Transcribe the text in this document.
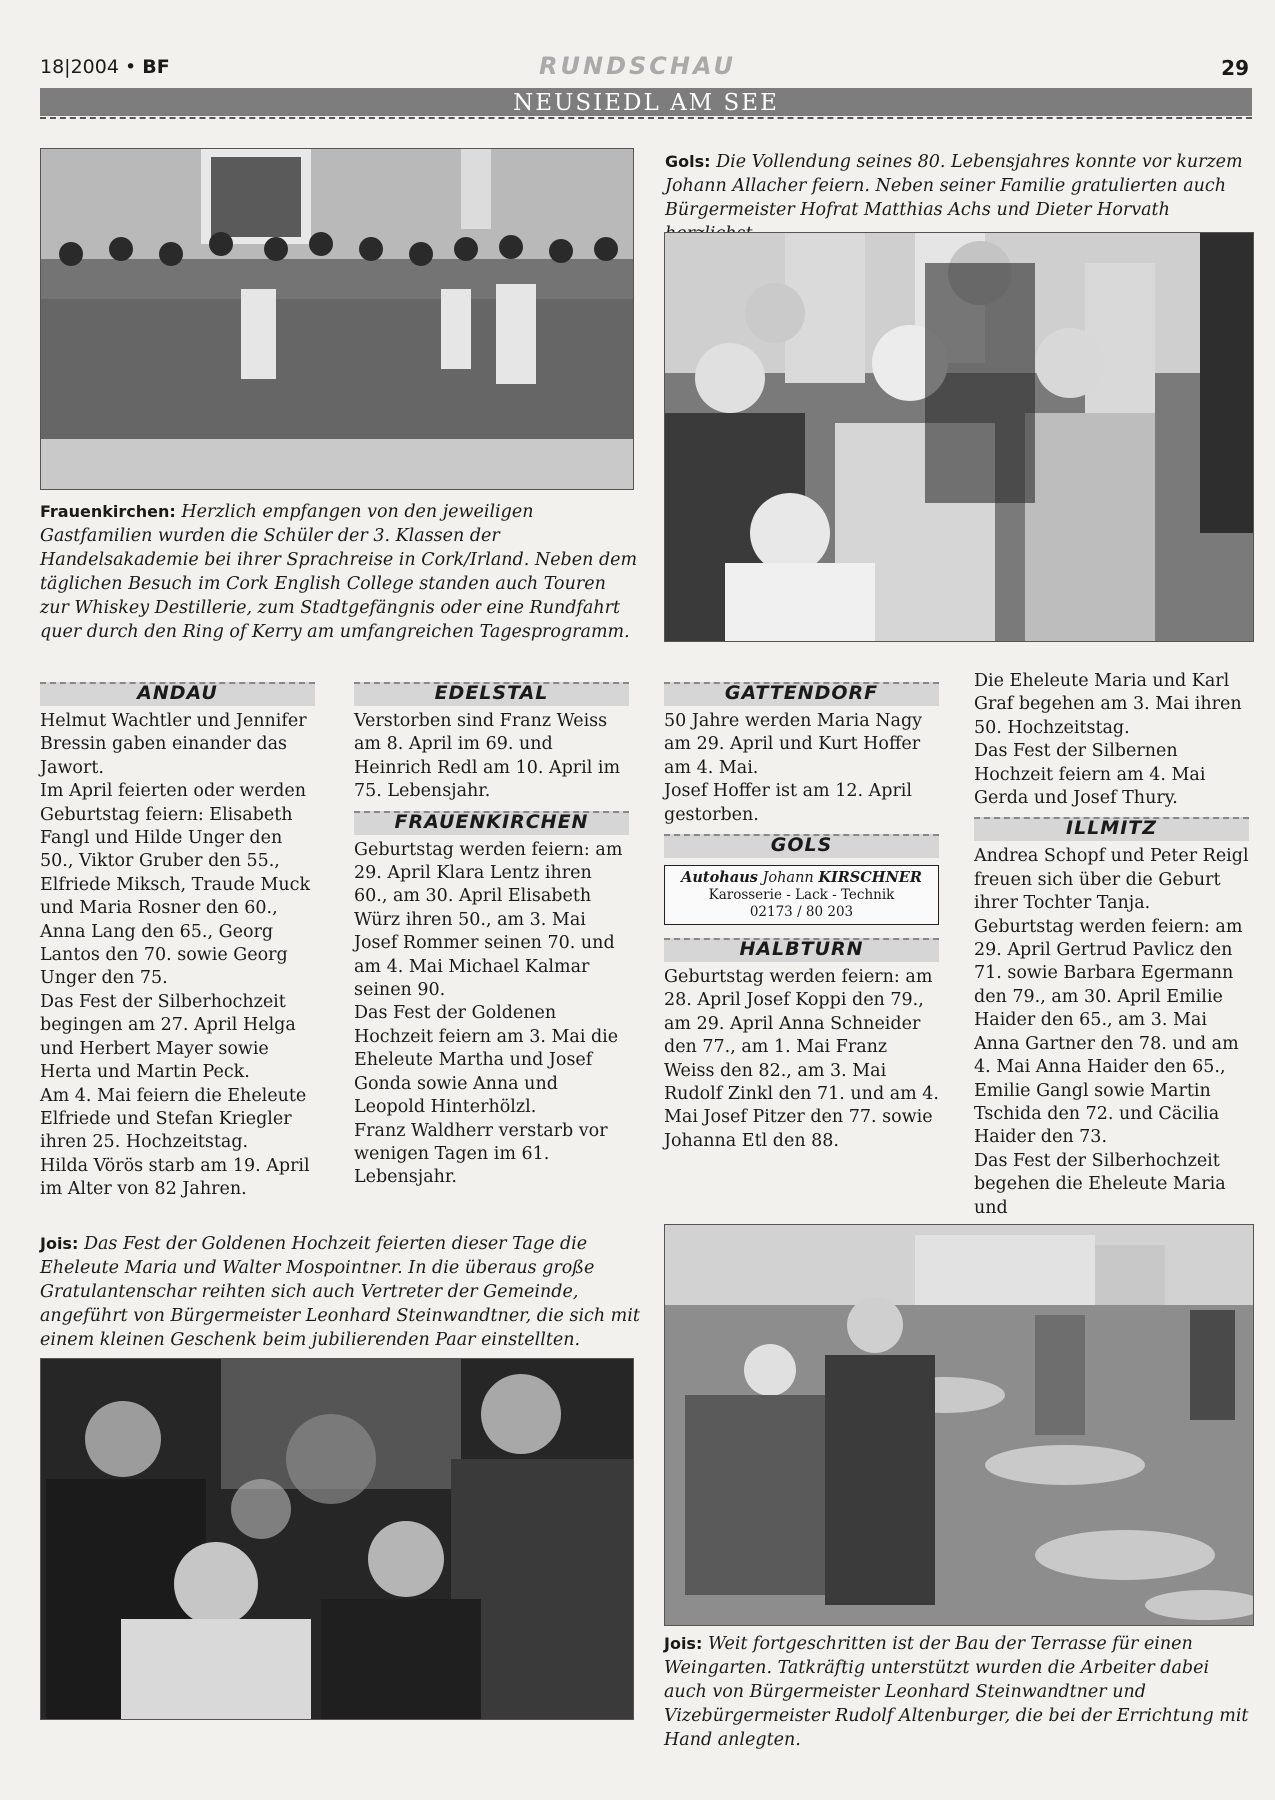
18|2004 • BF	RUNDSCHAU	29
NEUSIEDL AM SEE
Frauenkirchen: Herzlich empfangen von den jeweiligen Gastfamilien wurden die Schüler der 3. Klassen der Handelsakademie bei ihrer Sprachreise in Cork/Irland. Neben dem täglichen Besuch im Cork English College standen auch Touren zur Whiskey Destillerie, zum Stadtgefängnis oder eine Rundfahrt quer durch den Ring of Kerry am umfangreichen Tagesprogramm.
Gols: Die Vollendung seines 80. Lebensjahres konnte vor kurzem Johann Allacher feiern. Neben seiner Familie gratulierten auch Bürgermeister Hofrat Matthias Achs und Dieter Horvath
ANDAU

Helmut Wachtler und Jennifer Bressin gaben einander das Jawort.

Im April feierten oder werden Geburtstag feiern: Elisabeth Fangl und Hilde Unger den 50., Viktor Gruber den 55., Elfriede Miksch, Traude Muck und Maria Rosner den 60., Anna Lang den 65., Georg Lantos den 70. sowie Georg Unger den 75.

Das Fest der Silberhochzeit begingen am 27. April Helga und Herbert Mayer sowie Herta und Martin Peck.

Am 4. Mai feiern die Eheleute Elfriede und Stefan Kriegler ihren 25. Hochzeitstag.

Hilda Vörös starb am 19. April im Alter von 82 Jahren.

EDELSTAL

Verstorben sind Franz Weiss am 8. April im 69. und Heinrich Redl am 10. April im 75. Lebensjahr.

FRAUENKIRCHEN

Geburtstag werden feiern: am 29. April Klara Lentz ihren 60., am 30. April Elisabeth Würz ihren 50., am 3. Mai Josef Rommer seinen 70. und am 4. Mai Michael Kalmar seinen 90.

Das Fest der Goldenen Hochzeit feiern am 3. Mai die Eheleute Martha und Josef Gonda sowie Anna und Leopold Hinterhölzl.

Franz Waldherr verstarb vor wenigen Tagen im 61. Lebensjahr.

GATTENDORF

50 Jahre werden Maria Nagy am 29. April und Kurt Hoffer am 4. Mai.

Josef Hoffer ist am 12. April gestorben.

GOLS
Autohaus Johann KIRSCHNER
Karosserie - Lack - Technik
02173 / 80 203
HALBTURN

Geburtstag werden feiern: am 28. April Josef Koppi den 79., am 29. April Anna Schneider den 77., am 1. Mai Franz Weiss den 82., am 3. Mai Rudolf Zinkl den 71. und am 4. Mai Josef Pitzer den 77. sowie Johanna Etl den 88.

Die Eheleute Maria und Karl Graf begehen am 3. Mai ihren 50. Hochzeitstag.

Das Fest der Silbernen Hochzeit feiern am 4. Mai Gerda und Josef Thury.

ILLMITZ

Andrea Schopf und Peter Reigl freuen sich über die Geburt ihrer Tochter Tanja.

Geburtstag werden feiern: am 29. April Gertrud Pavlicz den 71. sowie Barbara Egermann den 79., am 30. April Emilie Haider den 65., am 3. Mai Anna Gartner den 78. und am 4. Mai Anna Haider den 65., Emilie Gangl sowie Martin Tschida den 72. und Cäcilia Haider den 73.

Das Fest der Silberhochzeit begehen die Eheleute Maria und

Jois: Das Fest der Goldenen Hochzeit feierten dieser Tage die Eheleute Maria und Walter Mospointner. In die überaus große Gratulantenschar reihten sich auch Vertreter der Gemeinde, angeführt von Bürgermeister Leonhard Steinwandtner, die sich mit einem kleinen Geschenk beim jubilierenden Paar einstellten.
Jois: Weit fortgeschritten ist der Bau der Terrasse für einen Weingarten. Tatkräftig unterstützt wurden die Arbeiter dabei auch von Bürgermeister Leonhard Steinwandtner und Vizebürgermeister Rudolf Altenburger, die bei der Errichtung mit Hand anlegten.
